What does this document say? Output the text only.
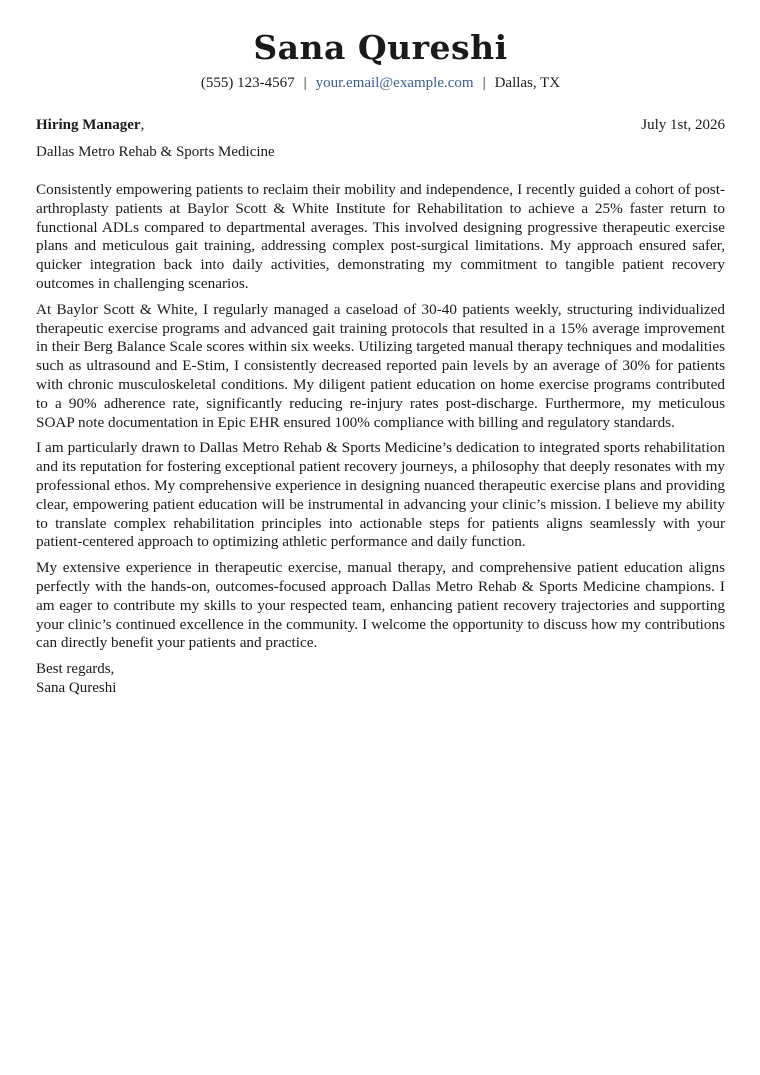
Sana Qureshi
(555) 123-4567 | your.email@example.com | Dallas, TX
Hiring Manager,	July 1st, 2026
Dallas Metro Rehab & Sports Medicine

Consistently empowering patients to reclaim their mobility and independence, I recently guided a cohort of post-arthroplasty patients at Baylor Scott & White Institute for Rehabilitation to achieve a 25% faster return to functional ADLs compared to departmental averages. This involved designing progressive therapeutic exercise plans and meticulous gait training, addressing complex post-surgical limitations. My approach ensured safer, quicker integration back into daily activities, demonstrating my commitment to tangible patient recovery outcomes in challenging scenarios.

At Baylor Scott & White, I regularly managed a caseload of 30-40 patients weekly, structuring individualized therapeutic exercise programs and advanced gait training protocols that resulted in a 15% average improvement in their Berg Balance Scale scores within six weeks. Utilizing targeted manual therapy techniques and modalities such as ultrasound and E-Stim, I consistently decreased reported pain levels by an average of 30% for patients with chronic musculoskeletal conditions. My diligent patient education on home exercise programs contributed to a 90% adherence rate, significantly reducing re-injury rates post-discharge. Furthermore, my meticulous SOAP note documentation in Epic EHR ensured 100% compliance with billing and regulatory standards.

I am particularly drawn to Dallas Metro Rehab & Sports Medicine’s dedication to integrated sports rehabilitation and its reputation for fostering exceptional patient recovery journeys, a philosophy that deeply resonates with my professional ethos. My comprehensive experience in designing nuanced therapeutic exercise plans and providing clear, empowering patient education will be instrumental in advancing your clinic’s mission. I believe my ability to translate complex rehabilitation principles into actionable steps for patients aligns seamlessly with your patient-centered approach to optimizing athletic performance and daily function.

My extensive experience in therapeutic exercise, manual therapy, and comprehensive patient education aligns perfectly with the hands-on, outcomes-focused approach Dallas Metro Rehab & Sports Medicine champions. I am eager to contribute my skills to your respected team, enhancing patient recovery trajectories and supporting your clinic’s continued excellence in the community. I welcome the opportunity to discuss how my contributions can directly benefit your patients and practice.

Best regards,
Sana Qureshi
